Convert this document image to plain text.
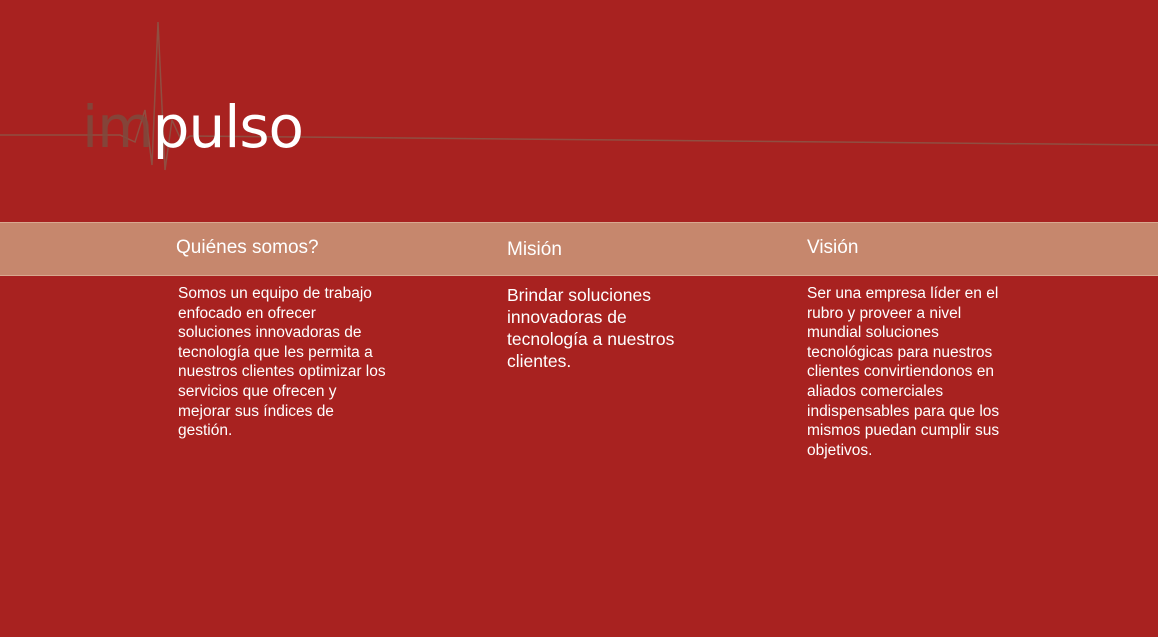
impulso
Quiénes somos?	Misión	Visión
Somos un equipo de trabajo enfocado en ofrecer soluciones innovadoras de tecnología que les permita a nuestros clientes optimizar los servicios que ofrecen y mejorar sus índices de gestión.
Brindar soluciones innovadoras de tecnología a nuestros clientes.
Ser una empresa líder en el rubro y proveer a nivel mundial soluciones tecnológicas para nuestros clientes convirtiendonos en aliados comerciales indispensables para que los mismos puedan cumplir sus objetivos.
